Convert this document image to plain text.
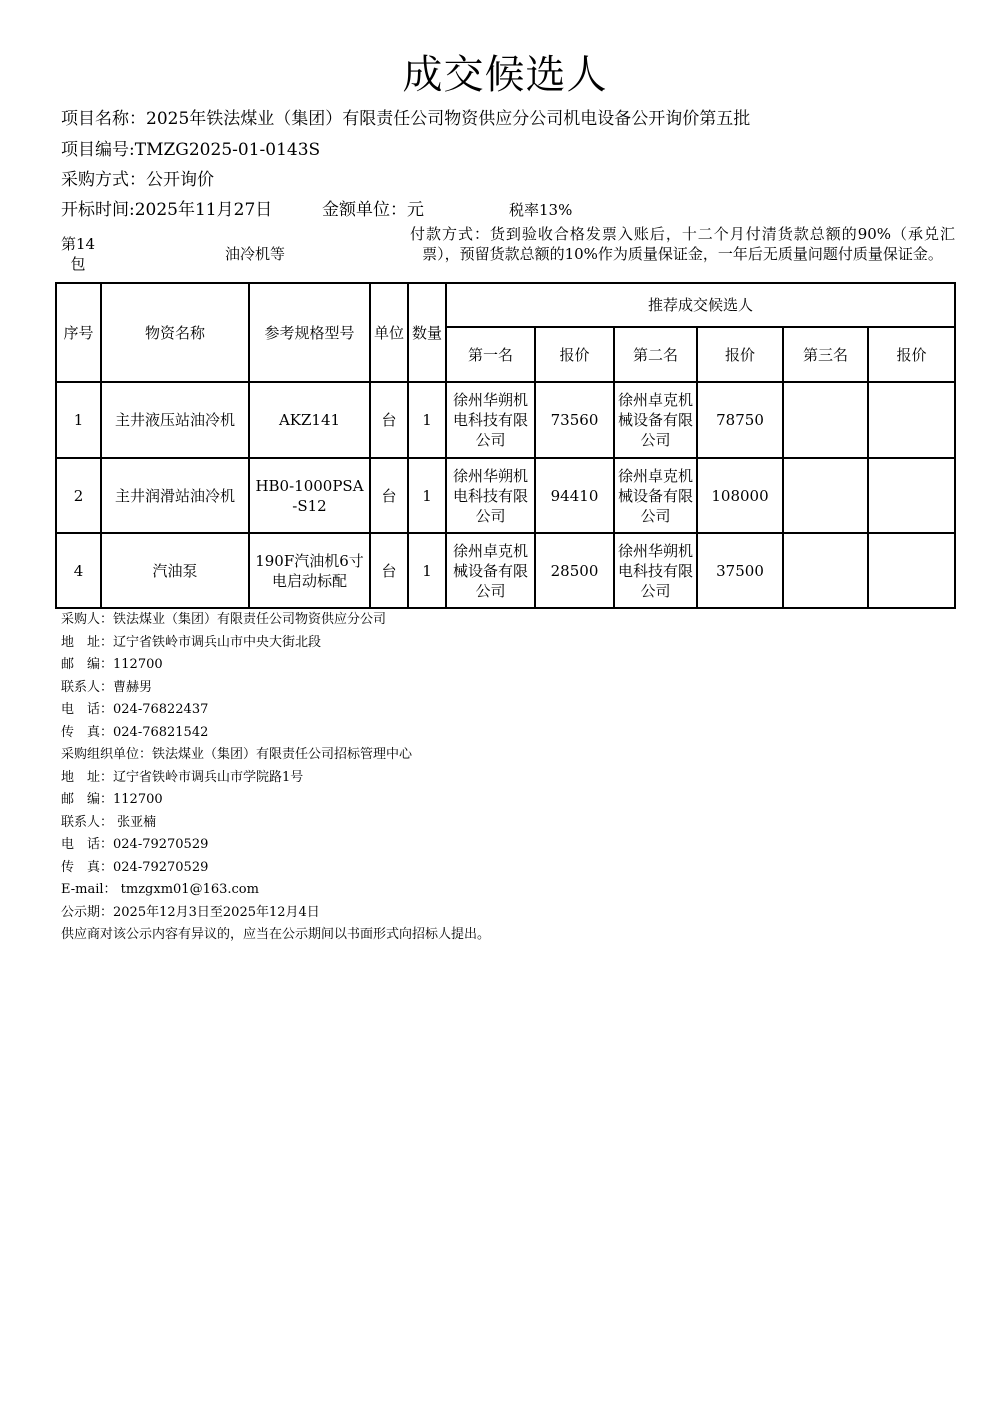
成交候选人
项目名称：2025年铁法煤业（集团）有限责任公司物资供应分公司机电设备公开询价第五批
项目编号:TMZG2025-01-0143S
采购方式：公开询价
开标时间:2025年11月27日	金额单位：元	税率13%
第14包
油冷机等
付款方式：货到验收合格发票入账后，十二个月付清货款总额的90%（承兑汇票），预留货款总额的10%作为质量保证金，一年后无质量问题付质量保证金。
序号	物资名称	参考规格型号	单位	数量	推荐成交候选人					
					第一名	报价	第二名	报价	第三名	报价
1	主井液压站油冷机	AKZ141	台	1	徐州华朔机电科技有限公司	73560	徐州卓克机械设备有限公司	78750		
2	主井润滑站油冷机	HB0-1000PSA-S12	台	1	徐州华朔机电科技有限公司	94410	徐州卓克机械设备有限公司	108000		
4	汽油泵	190F汽油机6寸电启动标配	台	1	徐州卓克机械设备有限公司	28500	徐州华朔机电科技有限公司	37500		
采购人：铁法煤业（集团）有限责任公司物资供应分公司
地　址：辽宁省铁岭市调兵山市中央大街北段
邮　编：112700
联系人：曹赫男
电　话：024-76822437
传　真：024-76821542
采购组织单位：铁法煤业（集团）有限责任公司招标管理中心
地　址：辽宁省铁岭市调兵山市学院路1号
邮　编：112700
联系人： 张亚楠
电　话：024-79270529
传　真：024-79270529
E-mail： tmzgxm01@163.com
公示期：2025年12月3日至2025年12月4日
供应商对该公示内容有异议的，应当在公示期间以书面形式向招标人提出。
